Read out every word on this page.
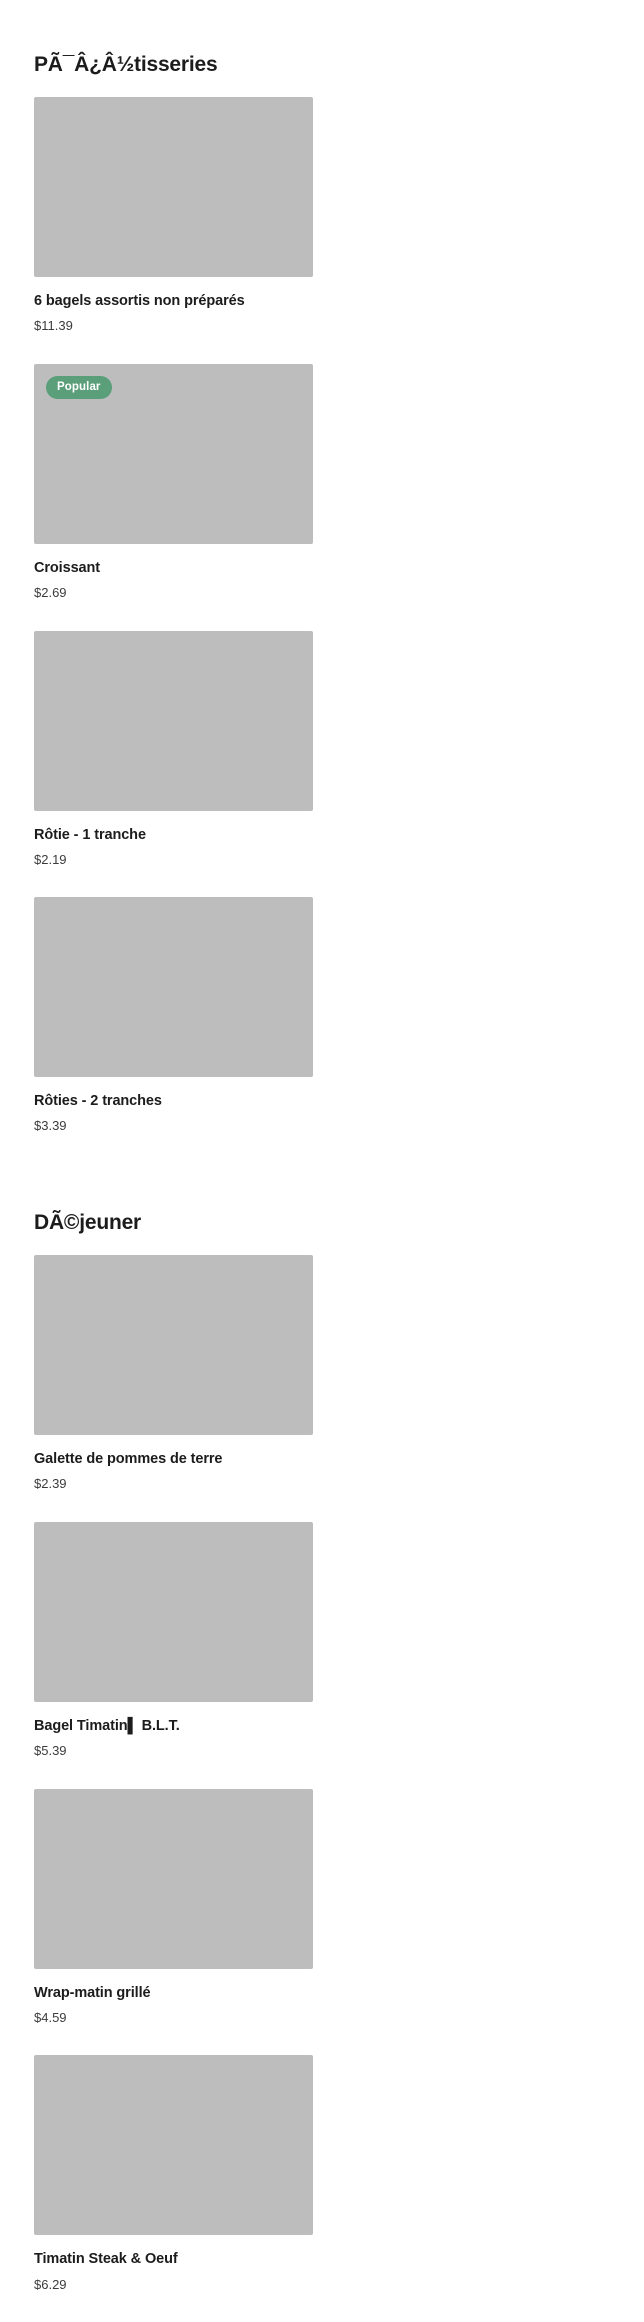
PÃ¯Â¿Â½tisseries
6 bagels assortis non préparés
$11.39
Popular
Croissant
$2.69
Rôtie - 1 tranche
$2.19
Rôties - 2 tranches
$3.39
DÃ©jeuner
Galette de pommes de terre
$2.39
Bagel Timatin▌ B.L.T.
$5.39
Wrap-matin grillé
$4.59
Timatin Steak & Oeuf
$6.29
